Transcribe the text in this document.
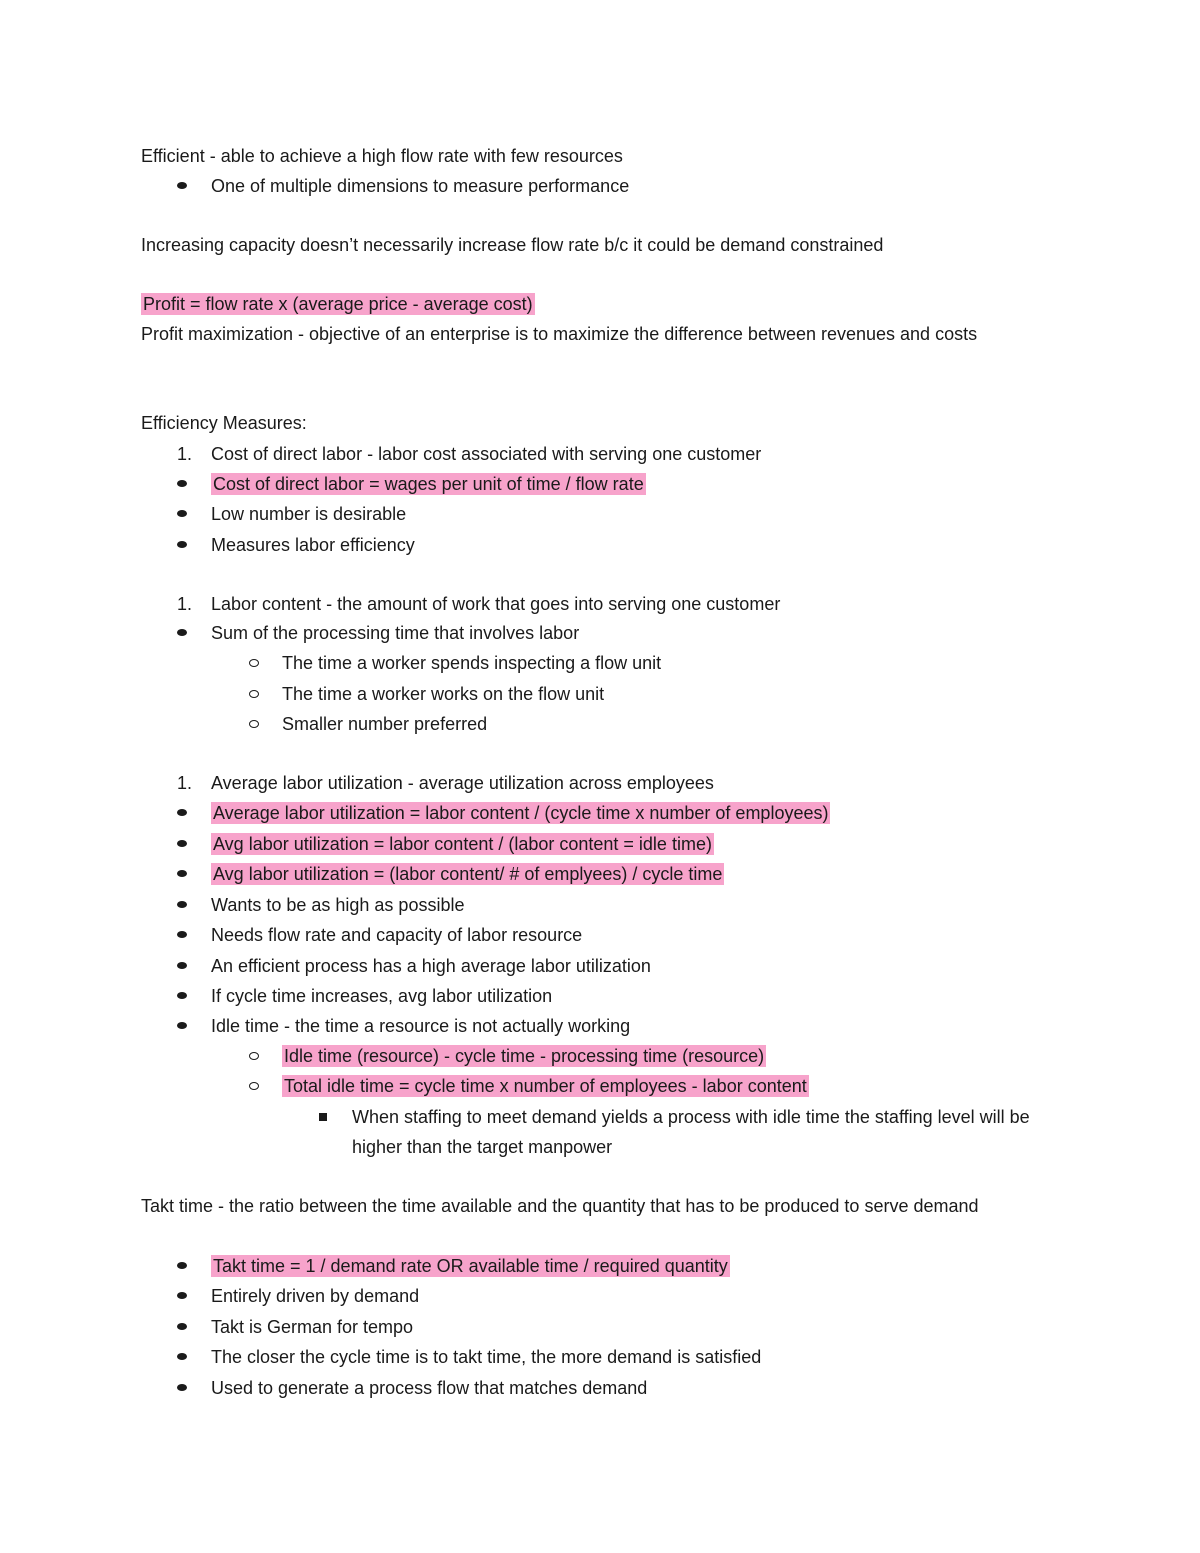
Efficient - able to achieve a high flow rate with few resources
One of multiple dimensions to measure performance
Increasing capacity doesn’t necessarily increase flow rate b/c it could be demand constrained
Profit = flow rate x (average price - average cost)
Profit maximization - objective of an enterprise is to maximize the difference between revenues and costs
Efficiency Measures:
1. Cost of direct labor - labor cost associated with serving one customer
Cost of direct labor = wages per unit of time / flow rate
Low number is desirable
Measures labor efficiency
1. Labor content - the amount of work that goes into serving one customer
Sum of the processing time that involves labor
The time a worker spends inspecting a flow unit
The time a worker works on the flow unit
Smaller number preferred
1. Average labor utilization - average utilization across employees
Average labor utilization = labor content / (cycle time x number of employees)
Avg labor utilization = labor content / (labor content = idle time)
Avg labor utilization = (labor content/ # of emplyees) / cycle time
Wants to be as high as possible
Needs flow rate and capacity of labor resource
An efficient process has a high average labor utilization
If cycle time increases, avg labor utilization
Idle time - the time a resource is not actually working
Idle time (resource) - cycle time - processing time (resource)
Total idle time = cycle time x number of employees - labor content
When staffing to meet demand yields a process with idle time the staffing level will be higher than the target manpower
Takt time - the ratio between the time available and the quantity that has to be produced to serve demand
Takt time = 1 / demand rate OR available time / required quantity
Entirely driven by demand
Takt is German for tempo
The closer the cycle time is to takt time, the more demand is satisfied
Used to generate a process flow that matches demand
